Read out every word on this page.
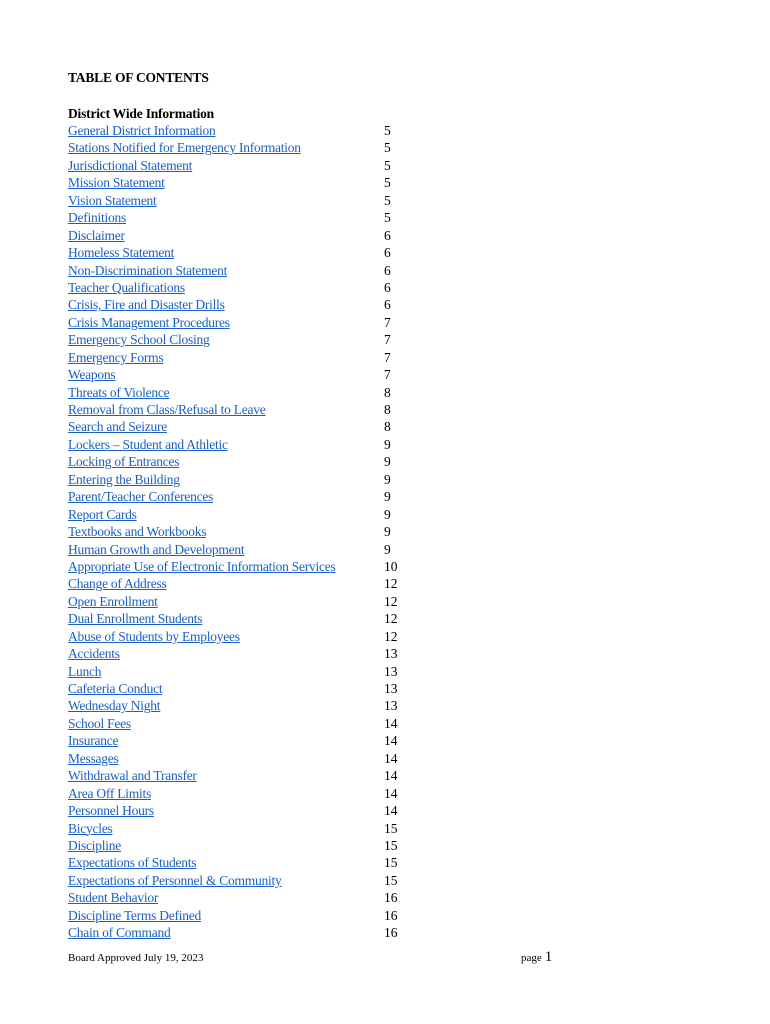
TABLE OF CONTENTS
District Wide Information
General District Information	5
Stations Notified for Emergency Information	5
Jurisdictional Statement	5
Mission Statement	5
Vision Statement	5
Definitions	5
Disclaimer	6
Homeless Statement	6
Non-Discrimination Statement	6
Teacher Qualifications	6
Crisis, Fire and Disaster Drills	6
Crisis Management Procedures	7
Emergency School Closing	7
Emergency Forms	7
Weapons	7
Threats of Violence	8
Removal from Class/Refusal to Leave	8
Search and Seizure	8
Lockers – Student and Athletic	9
Locking of Entrances	9
Entering the Building	9
Parent/Teacher Conferences	9
Report Cards	9
Textbooks and Workbooks	9
Human Growth and Development	9
Appropriate Use of Electronic Information Services	10
Change of Address	12
Open Enrollment	12
Dual Enrollment Students	12
Abuse of Students by Employees	12
Accidents	13
Lunch	13
Cafeteria Conduct	13
Wednesday Night	13
School Fees	14
Insurance	14
Messages	14
Withdrawal and Transfer	14
Area Off Limits	14
Personnel Hours	14
Bicycles	15
Discipline	15
Expectations of Students	15
Expectations of Personnel & Community	15
Student Behavior	16
Discipline Terms Defined	16
Chain of Command	16
Board Approved July 19, 2023	page 1
